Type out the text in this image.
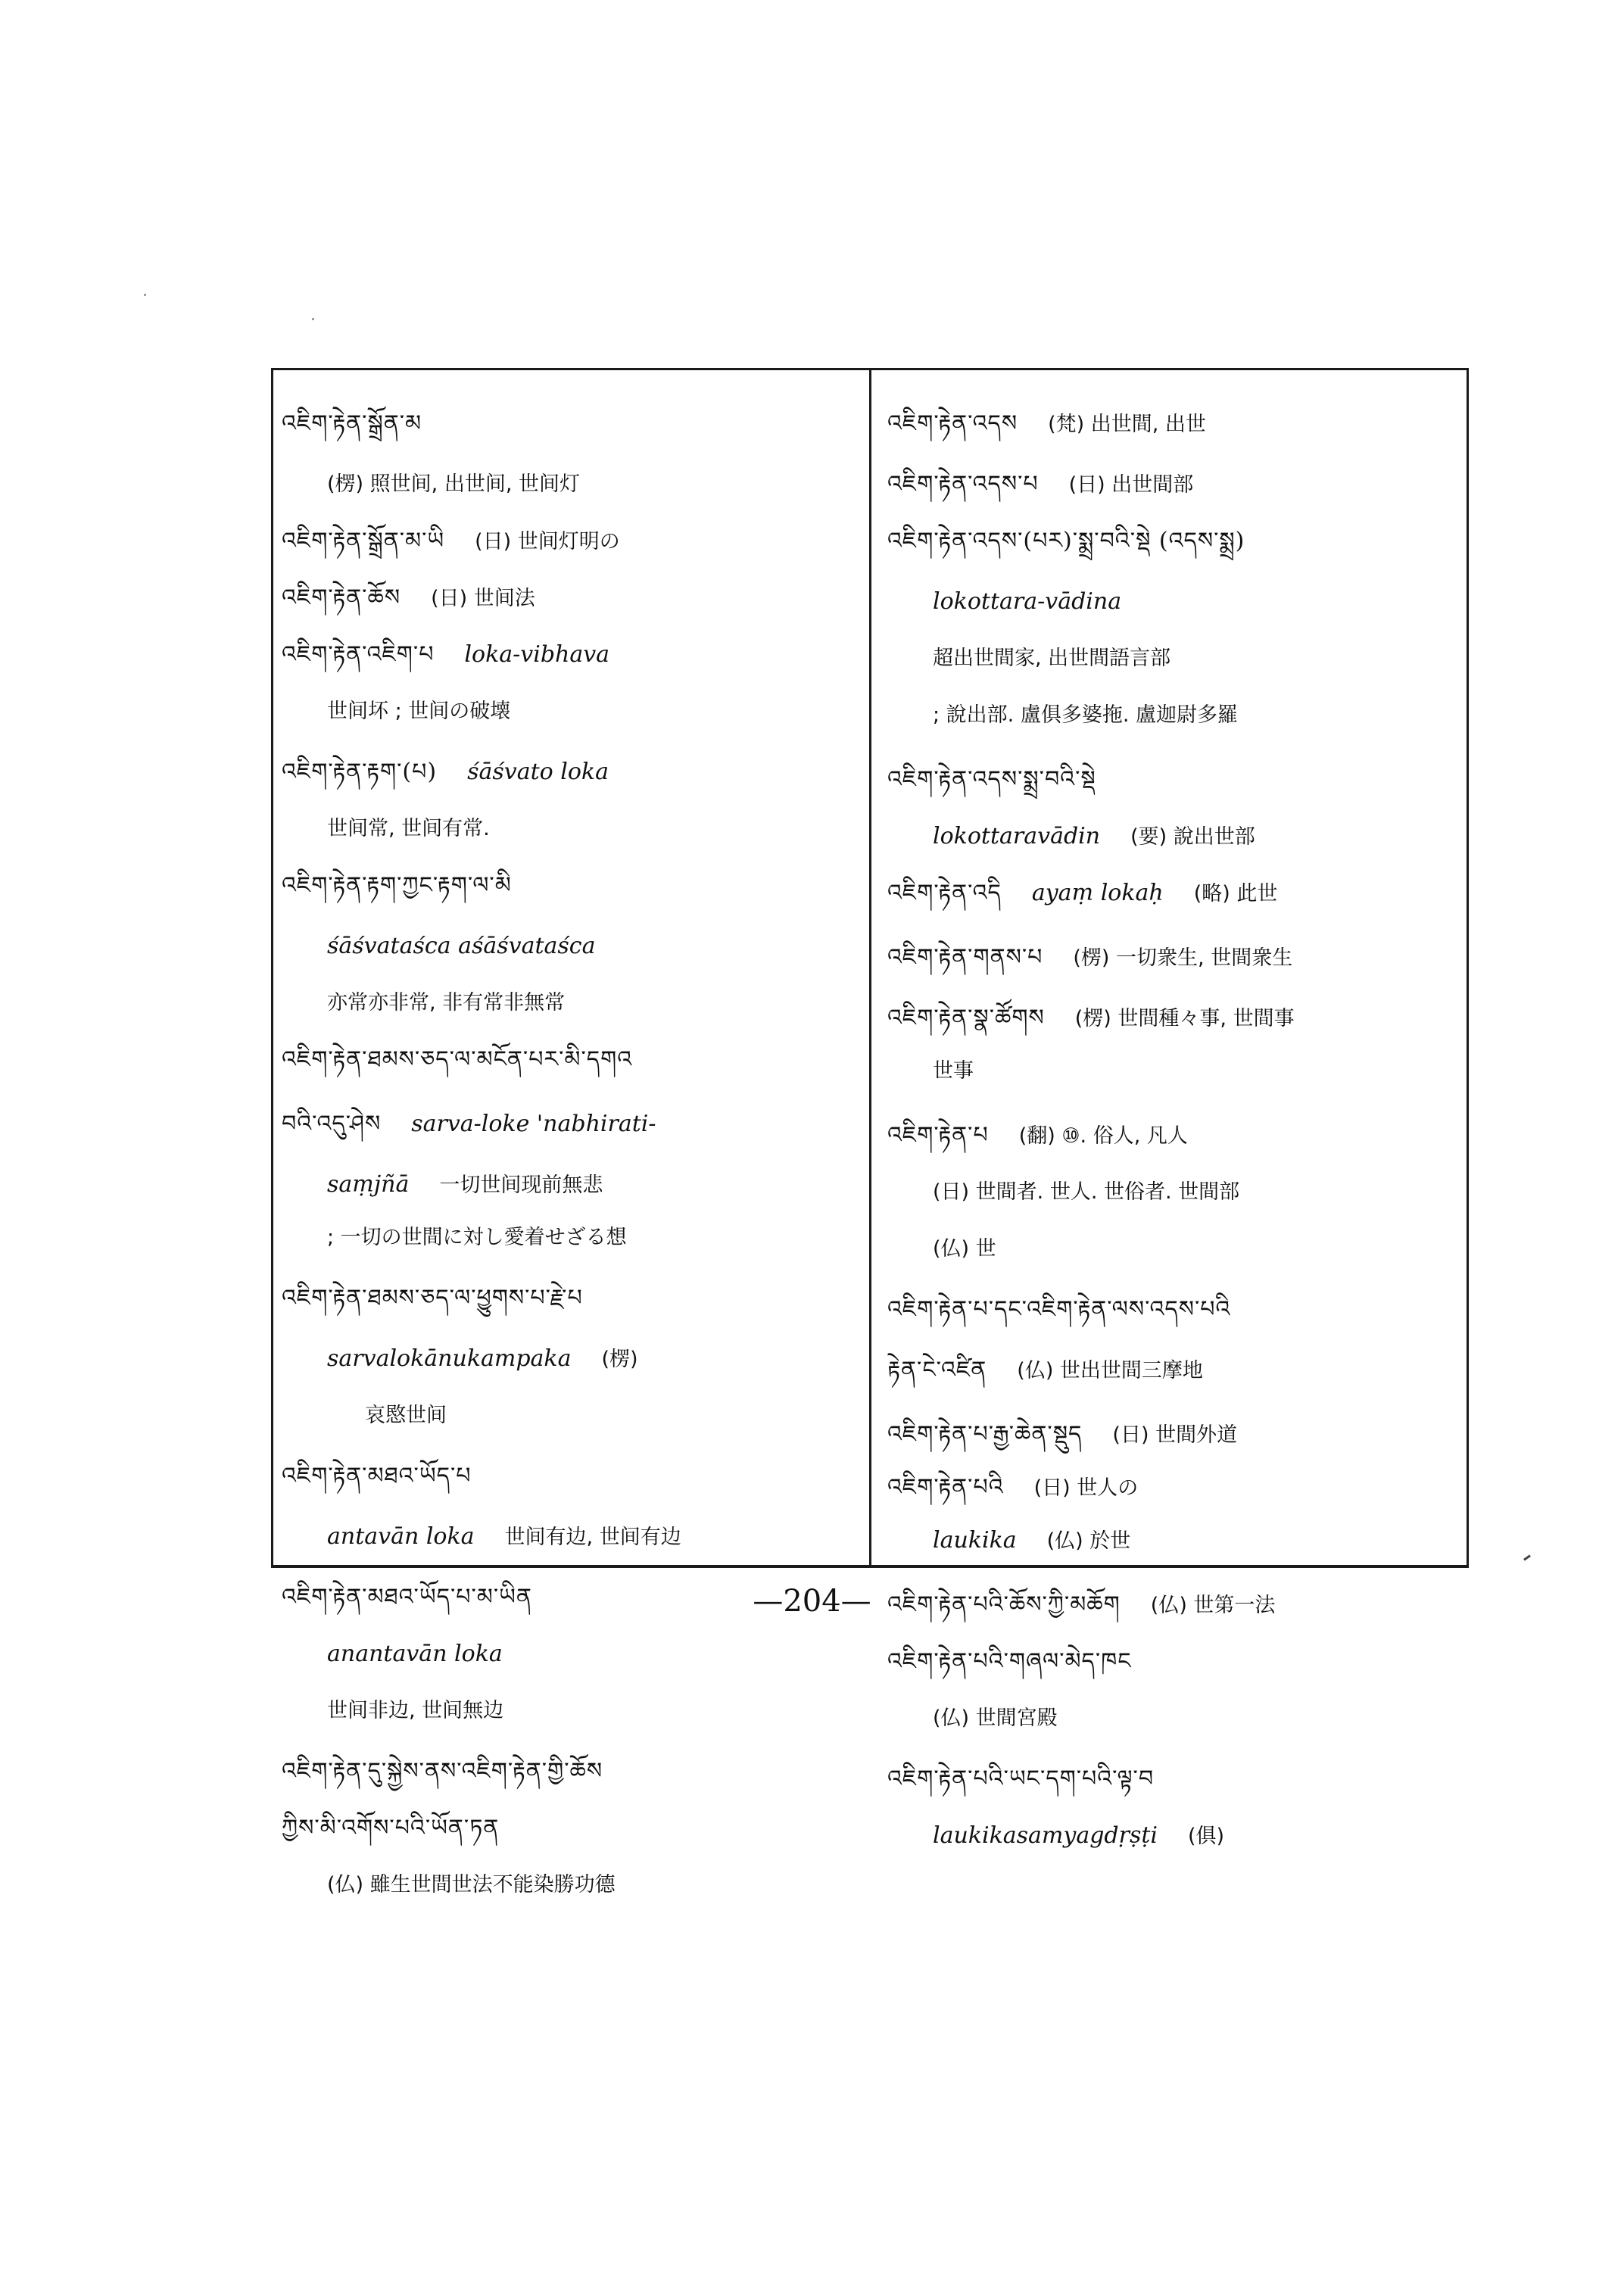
འཇིག་རྟེན་སྒྲོན་མ
(楞) 照世间, 出世间, 世间灯
འཇིག་རྟེན་སྒྲོན་མ་ཡི (日) 世间灯明の
འཇིག་རྟེན་ཆོས (日) 世间法
འཇིག་རྟེན་འཇིག་པ loka-vibhava
世间坏 ; 世间の破壊
འཇིག་རྟེན་རྟག་(པ) śāśvato loka
世间常, 世间有常.
འཇིག་རྟེན་རྟག་ཀྱང་རྟག་ལ་མི
śāśvataśca aśāśvataśca
亦常亦非常, 非有常非無常
འཇིག་རྟེན་ཐམས་ཅད་ལ་མངོན་པར་མི་དགའ
བའི་འདུ་ཤེས sarva-loke 'nabhirati-
saṃjñā 一切世间现前無悲
; 一切の世間に対し愛着せざる想
འཇིག་རྟེན་ཐམས་ཅད་ལ་ཕྱུགས་པ་རྗེ་པ
sarvalokānukampaka (楞)
哀愍世间
འཇིག་རྟེན་མཐའ་ཡོད་པ
antavān loka 世间有边, 世间有边
འཇིག་རྟེན་མཐའ་ཡོད་པ་མ་ཡིན
anantavān loka
世间非边, 世间無边
འཇིག་རྟེན་དུ་སྐྱེས་ནས་འཇིག་རྟེན་གྱི་ཆོས
ཀྱིས་མི་འགོས་པའི་ཡོན་ཏན
(仏) 雖生世間世法不能染勝功德
འཇིག་རྟེན་འདས (梵) 出世間, 出世
འཇིག་རྟེན་འདས་པ (日) 出世間部
འཇིག་རྟེན་འདས་(པར)་སྨྲ་བའི་སྡེ (འདས་སྨྲ)
lokottara-vādina
超出世間家, 出世間語言部
; 說出部. 盧俱多婆拖. 盧迦尉多羅
འཇིག་རྟེན་འདས་སྨྲ་བའི་སྡེ
lokottaravādin (要) 說出世部
འཇིག་རྟེན་འདི ayaṃ lokaḥ (略) 此世
འཇིག་རྟེན་གནས་པ (楞) 一切衆生, 世間衆生
འཇིག་རྟེན་སྣ་ཚོགས (楞) 世間種々事, 世間事
世事
འཇིག་རྟེན་པ (翻) ⑩. 俗人, 凡人
(日) 世間者. 世人. 世俗者. 世間部
(仏) 世
འཇིག་རྟེན་པ་དང་འཇིག་རྟེན་ལས་འདས་པའི
རྟེན་ངེ་འཛིན (仏) 世出世間三摩地
འཇིག་རྟེན་པ་རྒྱ་ཆེན་སྡུད (日) 世間外道
འཇིག་རྟེན་པའི (日) 世人の
laukika (仏) 於世
འཇིག་རྟེན་པའི་ཆོས་ཀྱི་མཆོག (仏) 世第一法
འཇིག་རྟེན་པའི་གཞལ་མེད་ཁང
(仏) 世間宮殿
འཇིག་རྟེན་པའི་ཡང་དག་པའི་ལྟ་བ
laukikasamyagdṛṣṭi (俱)
—204—
